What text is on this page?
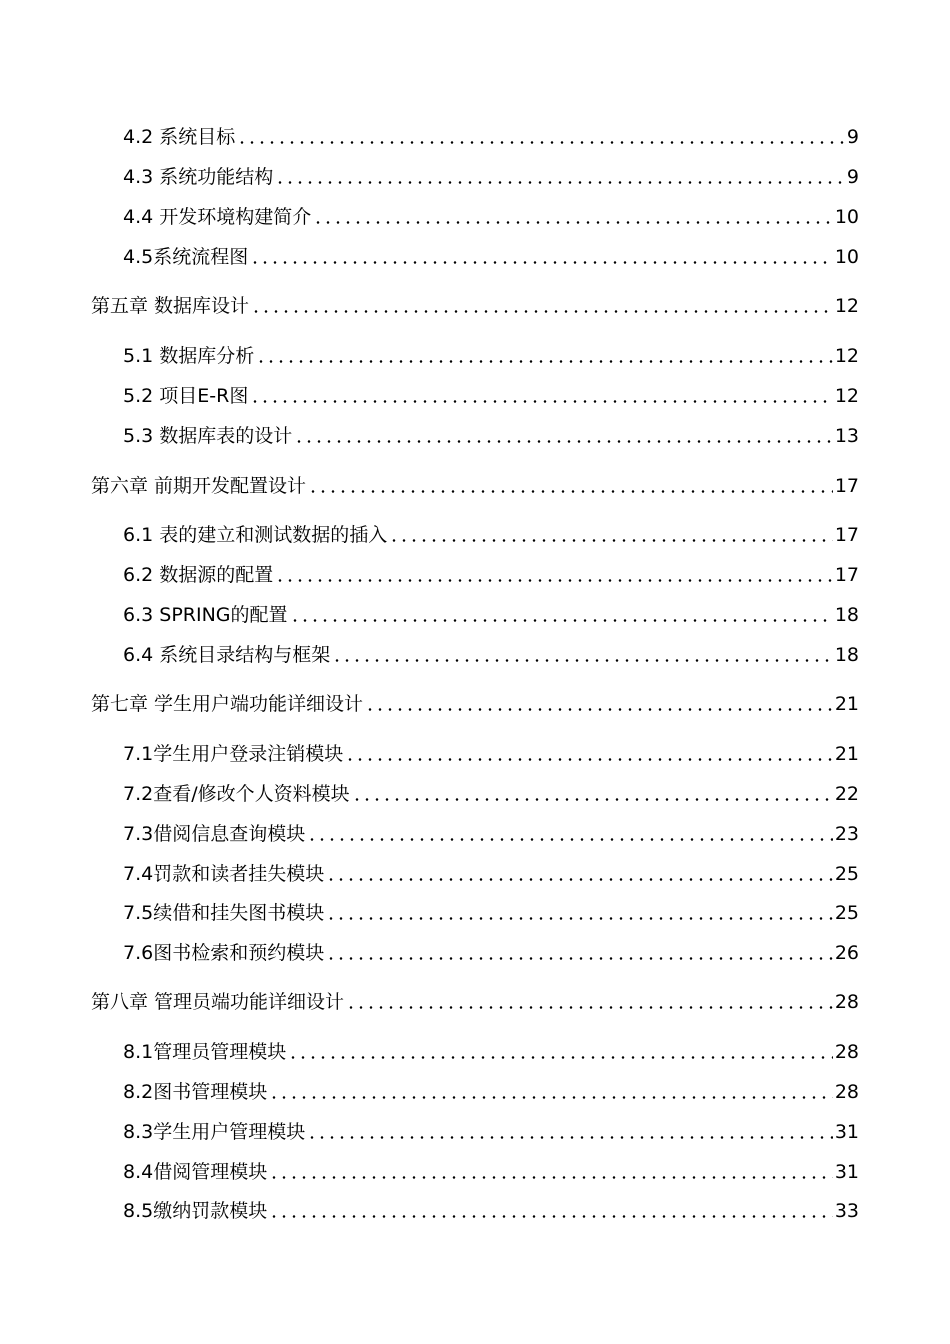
4.2 系统目标	9
4.3 系统功能结构	9
4.4 开发环境构建简介	10
4.5系统流程图	10
第五章 数据库设计	12
5.1 数据库分析	12
5.2 项目E-R图	12
5.3 数据库表的设计	13
第六章 前期开发配置设计	17
6.1 表的建立和测试数据的插入	17
6.2 数据源的配置	17
6.3 SPRING的配置	18
6.4 系统目录结构与框架	18
第七章 学生用户端功能详细设计	21
7.1学生用户登录注销模块	21
7.2查看/修改个人资料模块	22
7.3借阅信息查询模块	23
7.4罚款和读者挂失模块	25
7.5续借和挂失图书模块	25
7.6图书检索和预约模块	26
第八章 管理员端功能详细设计	28
8.1管理员管理模块	28
8.2图书管理模块	28
8.3学生用户管理模块	31
8.4借阅管理模块	31
8.5缴纳罚款模块	33
